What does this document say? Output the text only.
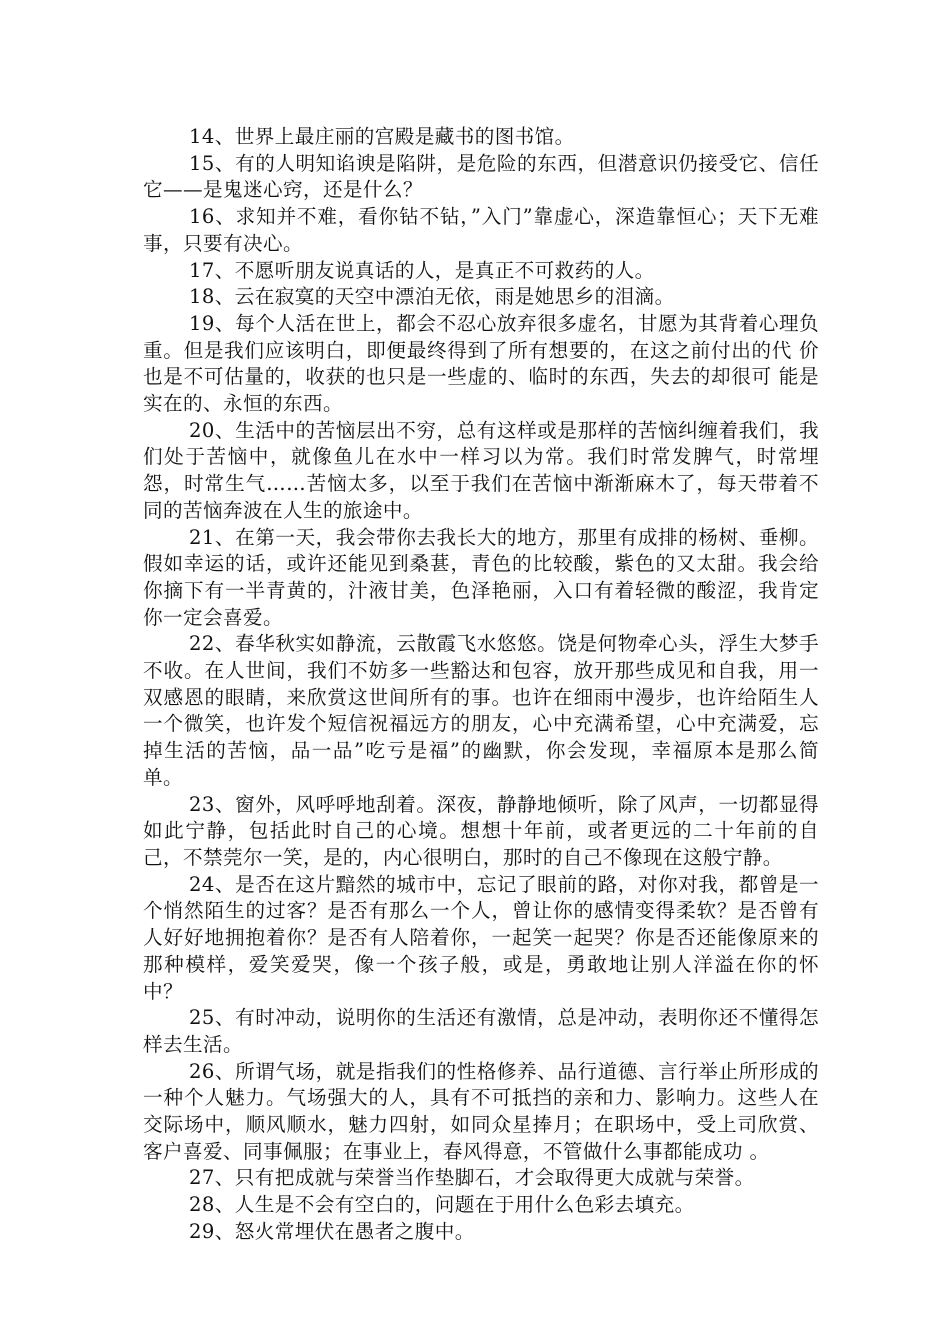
14、世界上最庄丽的宫殿是藏书的图书馆。

15、有的人明知谄谀是陷阱，是危险的东西，但潜意识仍接受它、信任它——是鬼迷心窍，还是什么？

16、求知并不难，看你钻不钻，”入门”靠虚心，深造靠恒心；天下无难事，只要有决心。

17、不愿听朋友说真话的人，是真正不可救药的人。

18、云在寂寞的天空中漂泊无依，雨是她思乡的泪滴。

19、每个人活在世上，都会不忍心放弃很多虚名，甘愿为其背着心理负 重。但是我们应该明白，即便最终得到了所有想要的，在这之前付出的代 价也是不可估量的，收获的也只是一些虚的、临时的东西，失去的却很可 能是实在的、永恒的东西。

20、生活中的苦恼层出不穷，总有这样或是那样的苦恼纠缠着我们，我们处于苦恼中，就像鱼儿在水中一样习以为常。我们时常发脾气，时常埋怨，时常生气……苦恼太多，以至于我们在苦恼中渐渐麻木了，每天带着不同的苦恼奔波在人生的旅途中。

21、在第一天，我会带你去我长大的地方，那里有成排的杨树、垂柳。假如幸运的话，或许还能见到桑葚，青色的比较酸，紫色的又太甜。我会给你摘下有一半青黄的，汁液甘美，色泽艳丽，入口有着轻微的酸涩，我肯定你一定会喜爱。

22、春华秋实如静流，云散霞飞水悠悠。饶是何物牵心头，浮生大梦手不收。在人世间，我们不妨多一些豁达和包容，放开那些成见和自我，用一双感恩的眼睛，来欣赏这世间所有的事。也许在细雨中漫步，也许给陌生人一个微笑，也许发个短信祝福远方的朋友，心中充满希望，心中充满爱，忘掉生活的苦恼，品一品”吃亏是福”的幽默，你会发现，幸福原本是那么简单。

23、窗外，风呼呼地刮着。深夜，静静地倾听，除了风声，一切都显得如此宁静，包括此时自己的心境。想想十年前，或者更远的二十年前的自己，不禁莞尔一笑，是的，内心很明白，那时的自己不像现在这般宁静。

24、是否在这片黯然的城市中，忘记了眼前的路，对你对我，都曾是一个悄然陌生的过客？是否有那么一个人，曾让你的感情变得柔软？是否曾有人好好地拥抱着你？是否有人陪着你，一起笑一起哭？你是否还能像原来的那种模样，爱笑爱哭，像一个孩子般，或是，勇敢地让别人洋溢在你的怀中？

25、有时冲动，说明你的生活还有激情，总是冲动，表明你还不懂得怎样去生活。

26、所谓气场，就是指我们的性格修养、品行道德、言行举止所形成的一种个人魅力。气场强大的人，具有不可抵挡的亲和力、影响力。这些人在交际场中，顺风顺水，魅力四射，如同众星捧月；在职场中，受上司欣赏、客户喜爱、同事佩服；在事业上，春风得意，不管做什么事都能成功 。

27、只有把成就与荣誉当作垫脚石，才会取得更大成就与荣誉。

28、人生是不会有空白的，问题在于用什么色彩去填充。

29、怒火常埋伏在愚者之腹中。
